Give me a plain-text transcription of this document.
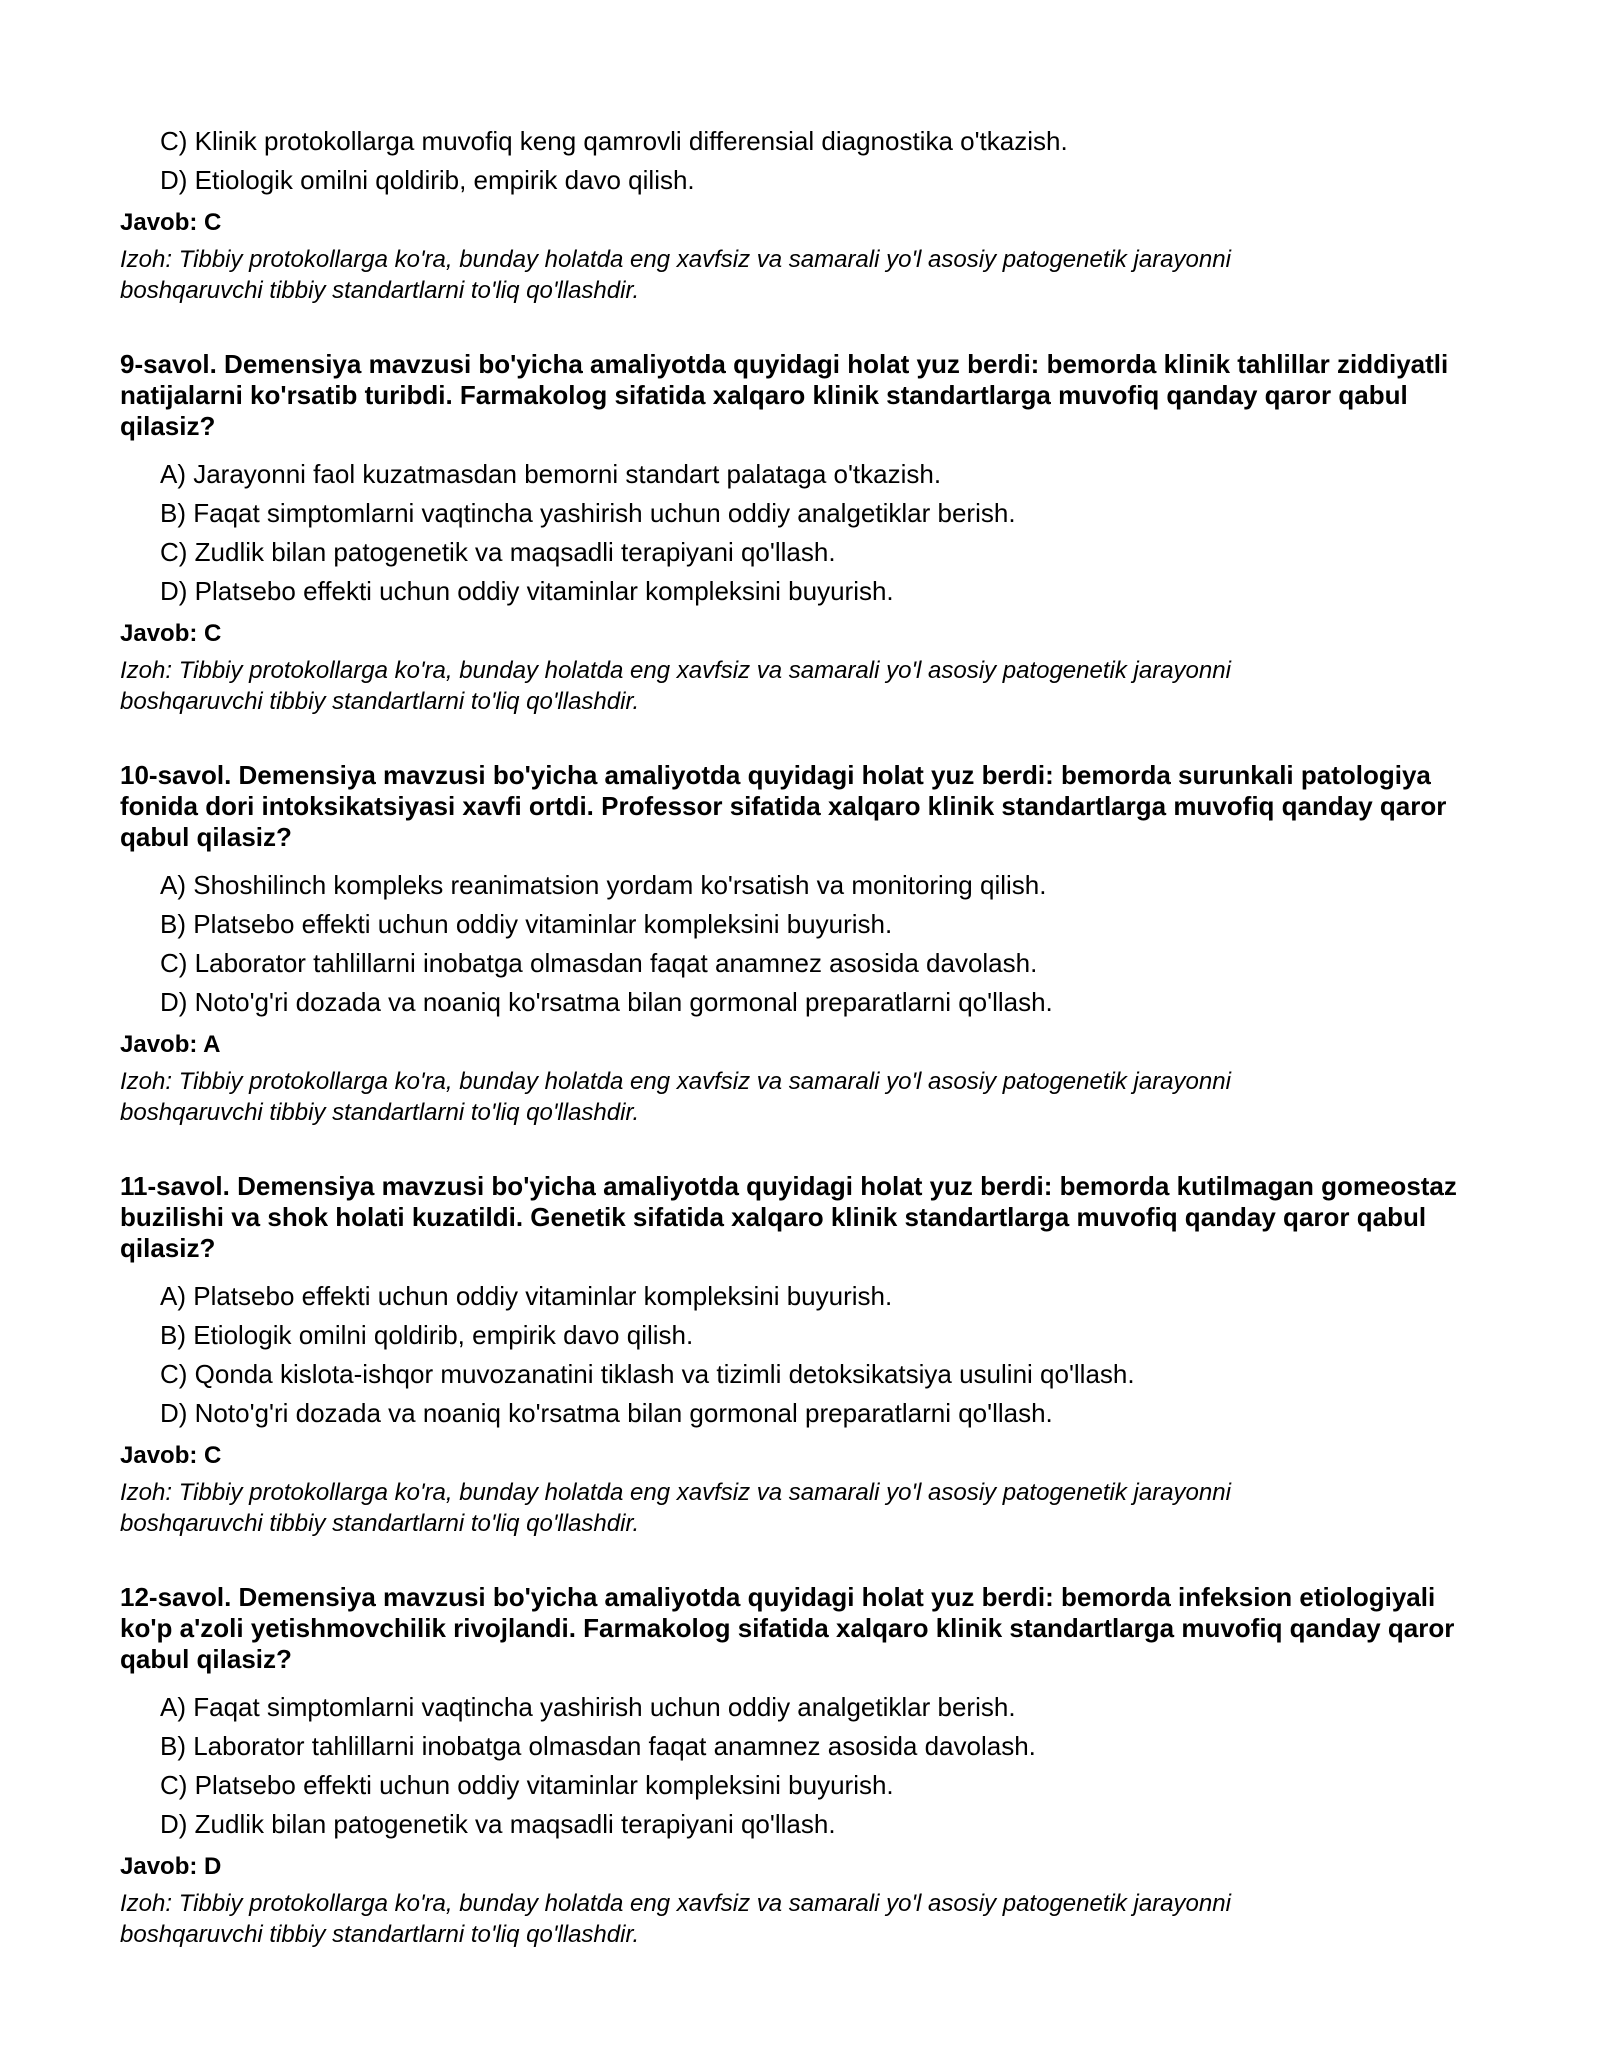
C) Klinik protokollarga muvofiq keng qamrovli differensial diagnostika o'tkazish.
D) Etiologik omilni qoldirib, empirik davo qilish.
Javob: C
Izoh: Tibbiy protokollarga ko'ra, bunday holatda eng xavfsiz va samarali yo'l asosiy patogenetik jarayonni boshqaruvchi tibbiy standartlarni to'liq qo'llashdir.
9-savol. Demensiya mavzusi bo'yicha amaliyotda quyidagi holat yuz berdi: bemorda klinik tahlillar ziddiyatli natijalarni ko'rsatib turibdi. Farmakolog sifatida xalqaro klinik standartlarga muvofiq qanday qaror qabul qilasiz?
A) Jarayonni faol kuzatmasdan bemorni standart palataga o'tkazish.
B) Faqat simptomlarni vaqtincha yashirish uchun oddiy analgetiklar berish.
C) Zudlik bilan patogenetik va maqsadli terapiyani qo'llash.
D) Platsebo effekti uchun oddiy vitaminlar kompleksini buyurish.
Javob: C
Izoh: Tibbiy protokollarga ko'ra, bunday holatda eng xavfsiz va samarali yo'l asosiy patogenetik jarayonni boshqaruvchi tibbiy standartlarni to'liq qo'llashdir.
10-savol. Demensiya mavzusi bo'yicha amaliyotda quyidagi holat yuz berdi: bemorda surunkali patologiya fonida dori intoksikatsiyasi xavfi ortdi. Professor sifatida xalqaro klinik standartlarga muvofiq qanday qaror qabul qilasiz?
A) Shoshilinch kompleks reanimatsion yordam ko'rsatish va monitoring qilish.
B) Platsebo effekti uchun oddiy vitaminlar kompleksini buyurish.
C) Laborator tahlillarni inobatga olmasdan faqat anamnez asosida davolash.
D) Noto'g'ri dozada va noaniq ko'rsatma bilan gormonal preparatlarni qo'llash.
Javob: A
Izoh: Tibbiy protokollarga ko'ra, bunday holatda eng xavfsiz va samarali yo'l asosiy patogenetik jarayonni boshqaruvchi tibbiy standartlarni to'liq qo'llashdir.
11-savol. Demensiya mavzusi bo'yicha amaliyotda quyidagi holat yuz berdi: bemorda kutilmagan gomeostaz buzilishi va shok holati kuzatildi. Genetik sifatida xalqaro klinik standartlarga muvofiq qanday qaror qabul qilasiz?
A) Platsebo effekti uchun oddiy vitaminlar kompleksini buyurish.
B) Etiologik omilni qoldirib, empirik davo qilish.
C) Qonda kislota-ishqor muvozanatini tiklash va tizimli detoksikatsiya usulini qo'llash.
D) Noto'g'ri dozada va noaniq ko'rsatma bilan gormonal preparatlarni qo'llash.
Javob: C
Izoh: Tibbiy protokollarga ko'ra, bunday holatda eng xavfsiz va samarali yo'l asosiy patogenetik jarayonni boshqaruvchi tibbiy standartlarni to'liq qo'llashdir.
12-savol. Demensiya mavzusi bo'yicha amaliyotda quyidagi holat yuz berdi: bemorda infeksion etiologiyali ko'p a'zoli yetishmovchilik rivojlandi. Farmakolog sifatida xalqaro klinik standartlarga muvofiq qanday qaror qabul qilasiz?
A) Faqat simptomlarni vaqtincha yashirish uchun oddiy analgetiklar berish.
B) Laborator tahlillarni inobatga olmasdan faqat anamnez asosida davolash.
C) Platsebo effekti uchun oddiy vitaminlar kompleksini buyurish.
D) Zudlik bilan patogenetik va maqsadli terapiyani qo'llash.
Javob: D
Izoh: Tibbiy protokollarga ko'ra, bunday holatda eng xavfsiz va samarali yo'l asosiy patogenetik jarayonni boshqaruvchi tibbiy standartlarni to'liq qo'llashdir.
